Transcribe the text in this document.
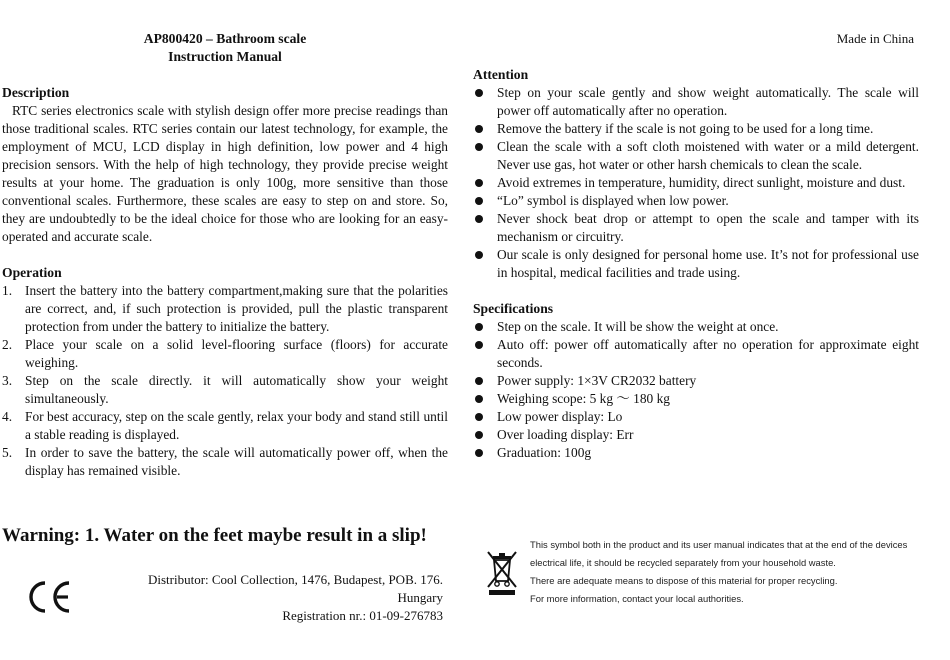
AP800420 – Bathroom scale
Instruction Manual
Made in China
Description

RTC series electronics scale with stylish design offer more precise readings than those traditional scales. RTC series contain our latest technology, for example, the employment of MCU, LCD display in high definition, low power and 4 high precision sensors. With the help of high technology, they provide precise weight results at your home. The graduation is only 100g, more sensitive than those conventional scales. Furthermore, these scales are easy to step on and store. So, they are undoubtedly to be the ideal choice for those who are looking for an easy-operated and accurate scale.

Operation
1. Insert the battery into the battery compartment,making sure that the polarities are correct, and, if such protection is provided, pull the plastic transparent protection from under the battery to initialize the battery.
2. Place your scale on a solid level-flooring surface (floors) for accurate weighing.
3. Step on the scale directly. it will automatically show your weight simultaneously.
4. For best accuracy, step on the scale gently, relax your body and stand still until a stable reading is displayed.
5. In order to save the battery, the scale will automatically power off, when the display has remained visible.
Warning: 1. Water on the feet maybe result in a slip!
Distributor: Cool Collection, 1476, Budapest, POB. 176. Hungary
Registration nr.: 01-09-276783
Attention
Step on your scale gently and show weight automatically. The scale will power off automatically after no operation.
Remove the battery if the scale is not going to be used for a long time.
Clean the scale with a soft cloth moistened with water or a mild detergent. Never use gas, hot water or other harsh chemicals to clean the scale.
Avoid extremes in temperature, humidity, direct sunlight, moisture and dust.
“Lo” symbol is displayed when low power.
Never shock beat drop or attempt to open the scale and tamper with its mechanism or circuitry.
Our scale is only designed for personal home use. It’s not for professional use in hospital, medical facilities and trade using.
Specifications
Step on the scale. It will be show the weight at once.
Auto off: power off automatically after no operation for approximate eight seconds.
Power supply: 1×3V CR2032 battery
Weighing scope: 5 kg ～ 180 kg
Low power display: Lo
Over loading display: Err
Graduation: 100g
This symbol both in the product and its user manual indicates that at the end of the devices
electrical life, it should be recycled separately from your household waste.
There are adequate means to dispose of this material for proper recycling.
For more information, contact your local authorities.
